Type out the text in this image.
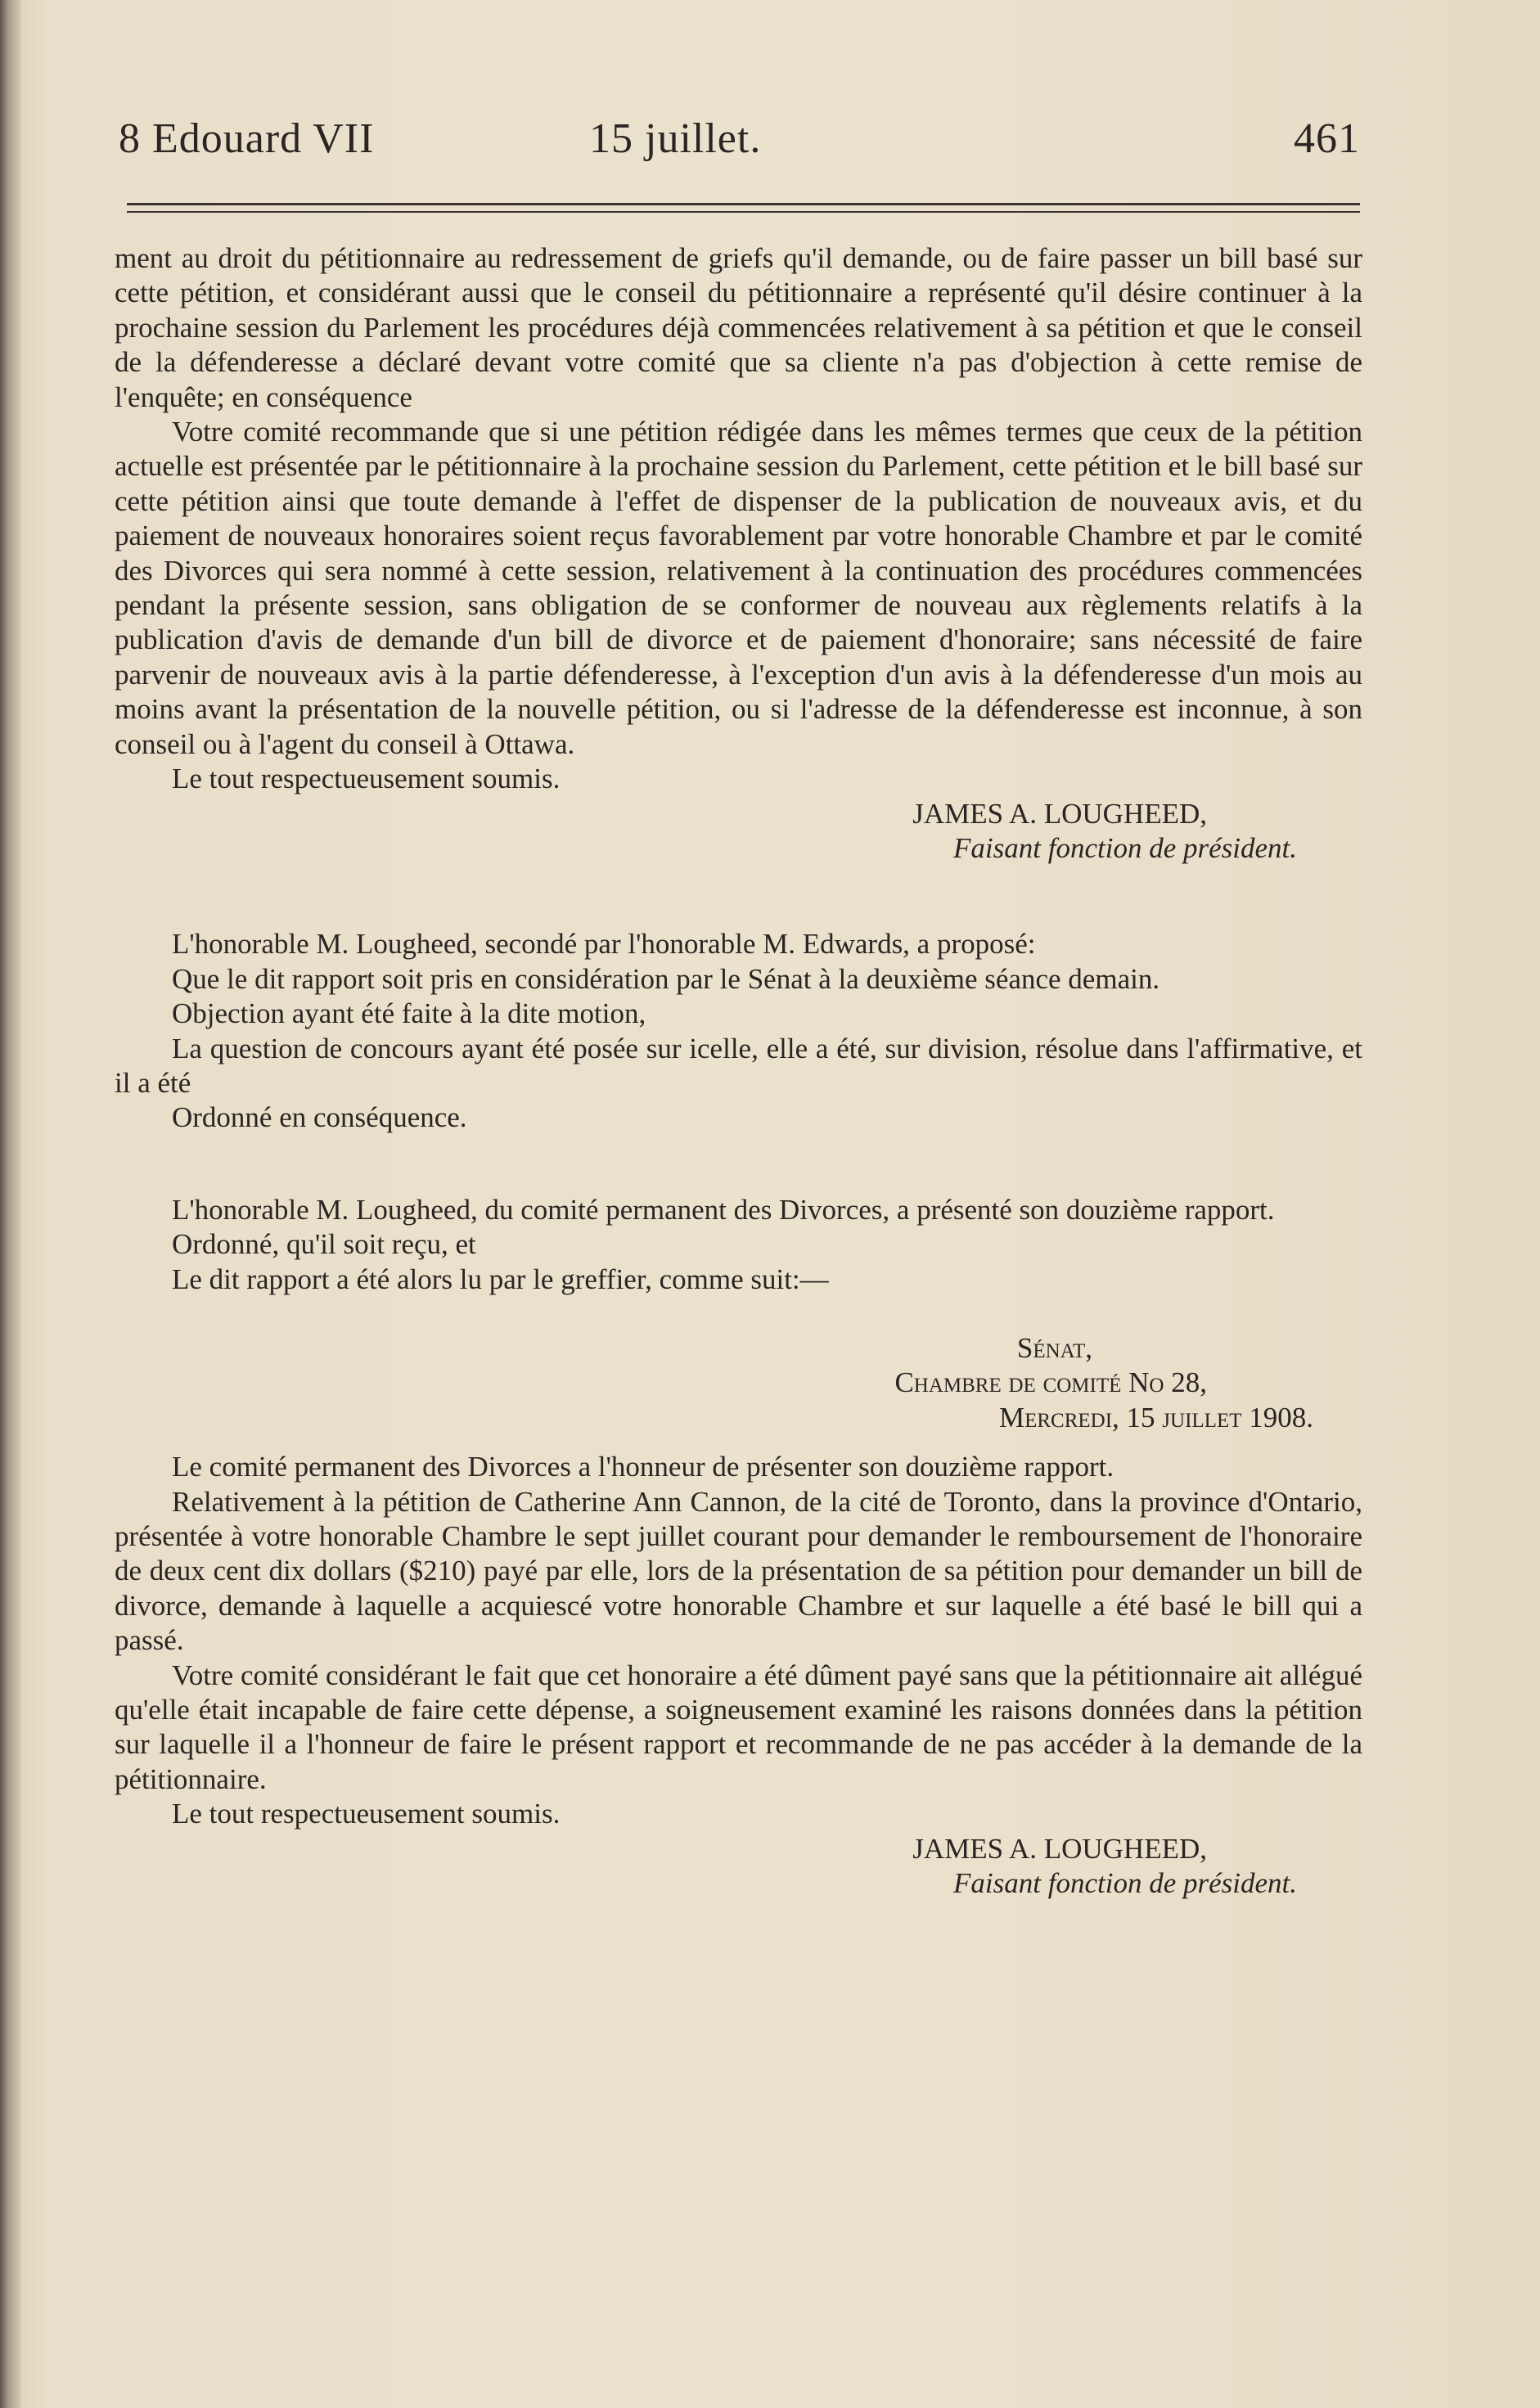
8 Edouard VII	15 juillet.	461

ment au droit du pétitionnaire au redressement de griefs qu'il demande, ou de faire passer un bill basé sur cette pétition, et considérant aussi que le conseil du pétitionnaire a représenté qu'il désire continuer à la prochaine session du Parlement les procédures déjà commencées relativement à sa pétition et que le conseil de la défenderesse a déclaré devant votre comité que sa cliente n'a pas d'objection à cette remise de l'enquête; en conséquence

Votre comité recommande que si une pétition rédigée dans les mêmes termes que ceux de la pétition actuelle est présentée par le pétitionnaire à la prochaine session du Parlement, cette pétition et le bill basé sur cette pétition ainsi que toute demande à l'effet de dispenser de la publication de nouveaux avis, et du paiement de nouveaux honoraires soient reçus favorablement par votre honorable Chambre et par le comité des Divorces qui sera nommé à cette session, relativement à la continuation des procédures commencées pendant la présente session, sans obligation de se conformer de nouveau aux règlements relatifs à la publication d'avis de demande d'un bill de divorce et de paiement d'honoraire; sans nécessité de faire parvenir de nouveaux avis à la partie défenderesse, à l'exception d'un avis à la défenderesse d'un mois au moins avant la présentation de la nouvelle pétition, ou si l'adresse de la défenderesse est inconnue, à son conseil ou à l'agent du conseil à Ottawa.

Le tout respectueusement soumis.

JAMES A. LOUGHEED,

Faisant fonction de président.

L'honorable M. Lougheed, secondé par l'honorable M. Edwards, a proposé:

Que le dit rapport soit pris en considération par le Sénat à la deuxième séance demain.

Objection ayant été faite à la dite motion,

La question de concours ayant été posée sur icelle, elle a été, sur division, résolue dans l'affirmative, et il a été

Ordonné en conséquence.

L'honorable M. Lougheed, du comité permanent des Divorces, a présenté son douzième rapport.

Ordonné, qu'il soit reçu, et

Le dit rapport a été alors lu par le greffier, comme suit:—

Sénat,

Chambre de comité No 28,

Mercredi, 15 juillet 1908.

Le comité permanent des Divorces a l'honneur de présenter son douzième rapport.

Relativement à la pétition de Catherine Ann Cannon, de la cité de Toronto, dans la province d'Ontario, présentée à votre honorable Chambre le sept juillet courant pour demander le remboursement de l'honoraire de deux cent dix dollars ($210) payé par elle, lors de la présentation de sa pétition pour demander un bill de divorce, demande à laquelle a acquiescé votre honorable Chambre et sur laquelle a été basé le bill qui a passé.

Votre comité considérant le fait que cet honoraire a été dûment payé sans que la pétitionnaire ait allégué qu'elle était incapable de faire cette dépense, a soigneusement examiné les raisons données dans la pétition sur laquelle il a l'honneur de faire le présent rapport et recommande de ne pas accéder à la demande de la pétitionnaire.

Le tout respectueusement soumis.

JAMES A. LOUGHEED,

Faisant fonction de président.
